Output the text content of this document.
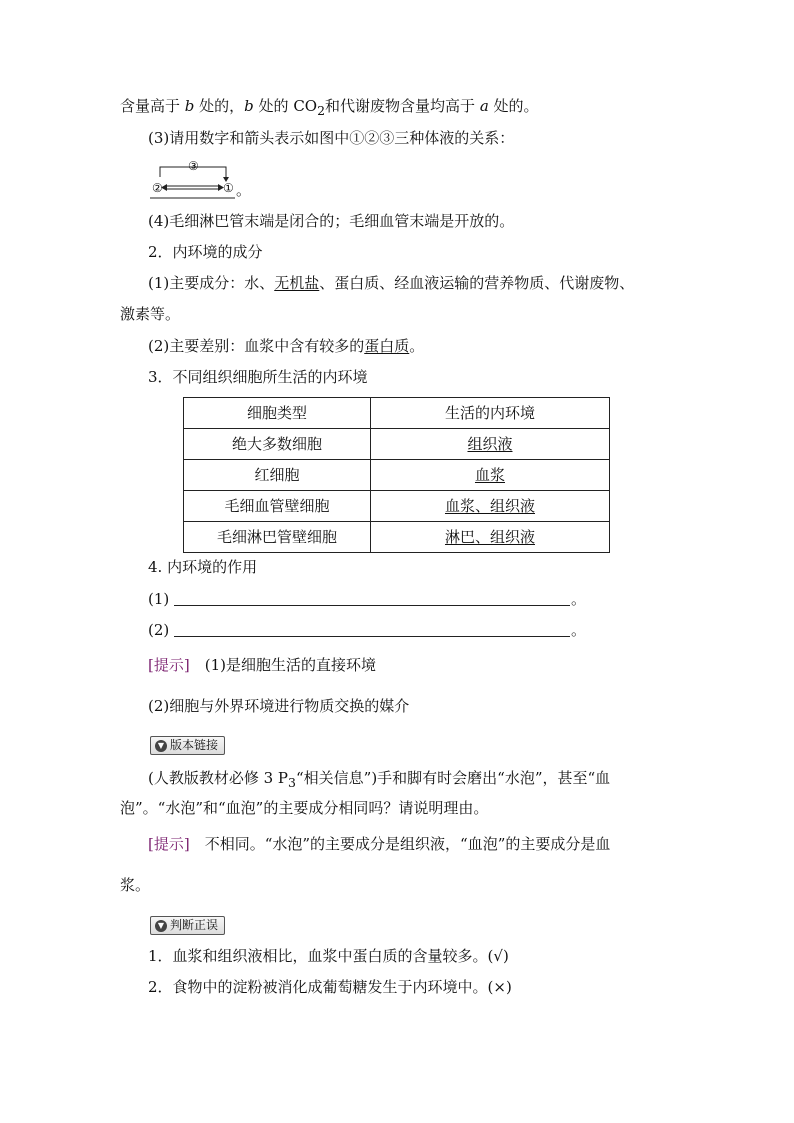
含量高于 b 处的，b 处的 $CO_2$和代谢废物含量均高于 a 处的。
(3)请用数字和箭头表示如图中①②③三种体液的关系：
③
②	① 。
(4)毛细淋巴管末端是闭合的；毛细血管末端是开放的。
2．内环境的成分
(1)主要成分：水、无机盐、蛋白质、经血液运输的营养物质、代谢废物、
激素等。
(2)主要差别：血浆中含有较多的蛋白质。
3．不同组织细胞所生活的内环境
细胞类型	生活的内环境
绝大多数细胞	组织液
红细胞	血浆
毛细血管壁细胞	血浆、组织液
毛细淋巴管壁细胞	淋巴、组织液
4. 内环境的作用
(1)	。
(2)	。
[提示]　(1)是细胞生活的直接环境
(2)细胞与外界环境进行物质交换的媒介
▼ 版本链接
(人教版教材必修 3 $P_3“$相关信息”)手和脚有时会磨出“水泡”，甚至“血
泡”。“水泡”和“血泡”的主要成分相同吗？请说明理由。
[提示]　不相同。“水泡”的主要成分是组织液，“血泡”的主要成分是血
浆。
▼ 判断正误
1．血浆和组织液相比，血浆中蛋白质的含量较多。(√)
2．食物中的淀粉被消化成葡萄糖发生于内环境中。(×)
